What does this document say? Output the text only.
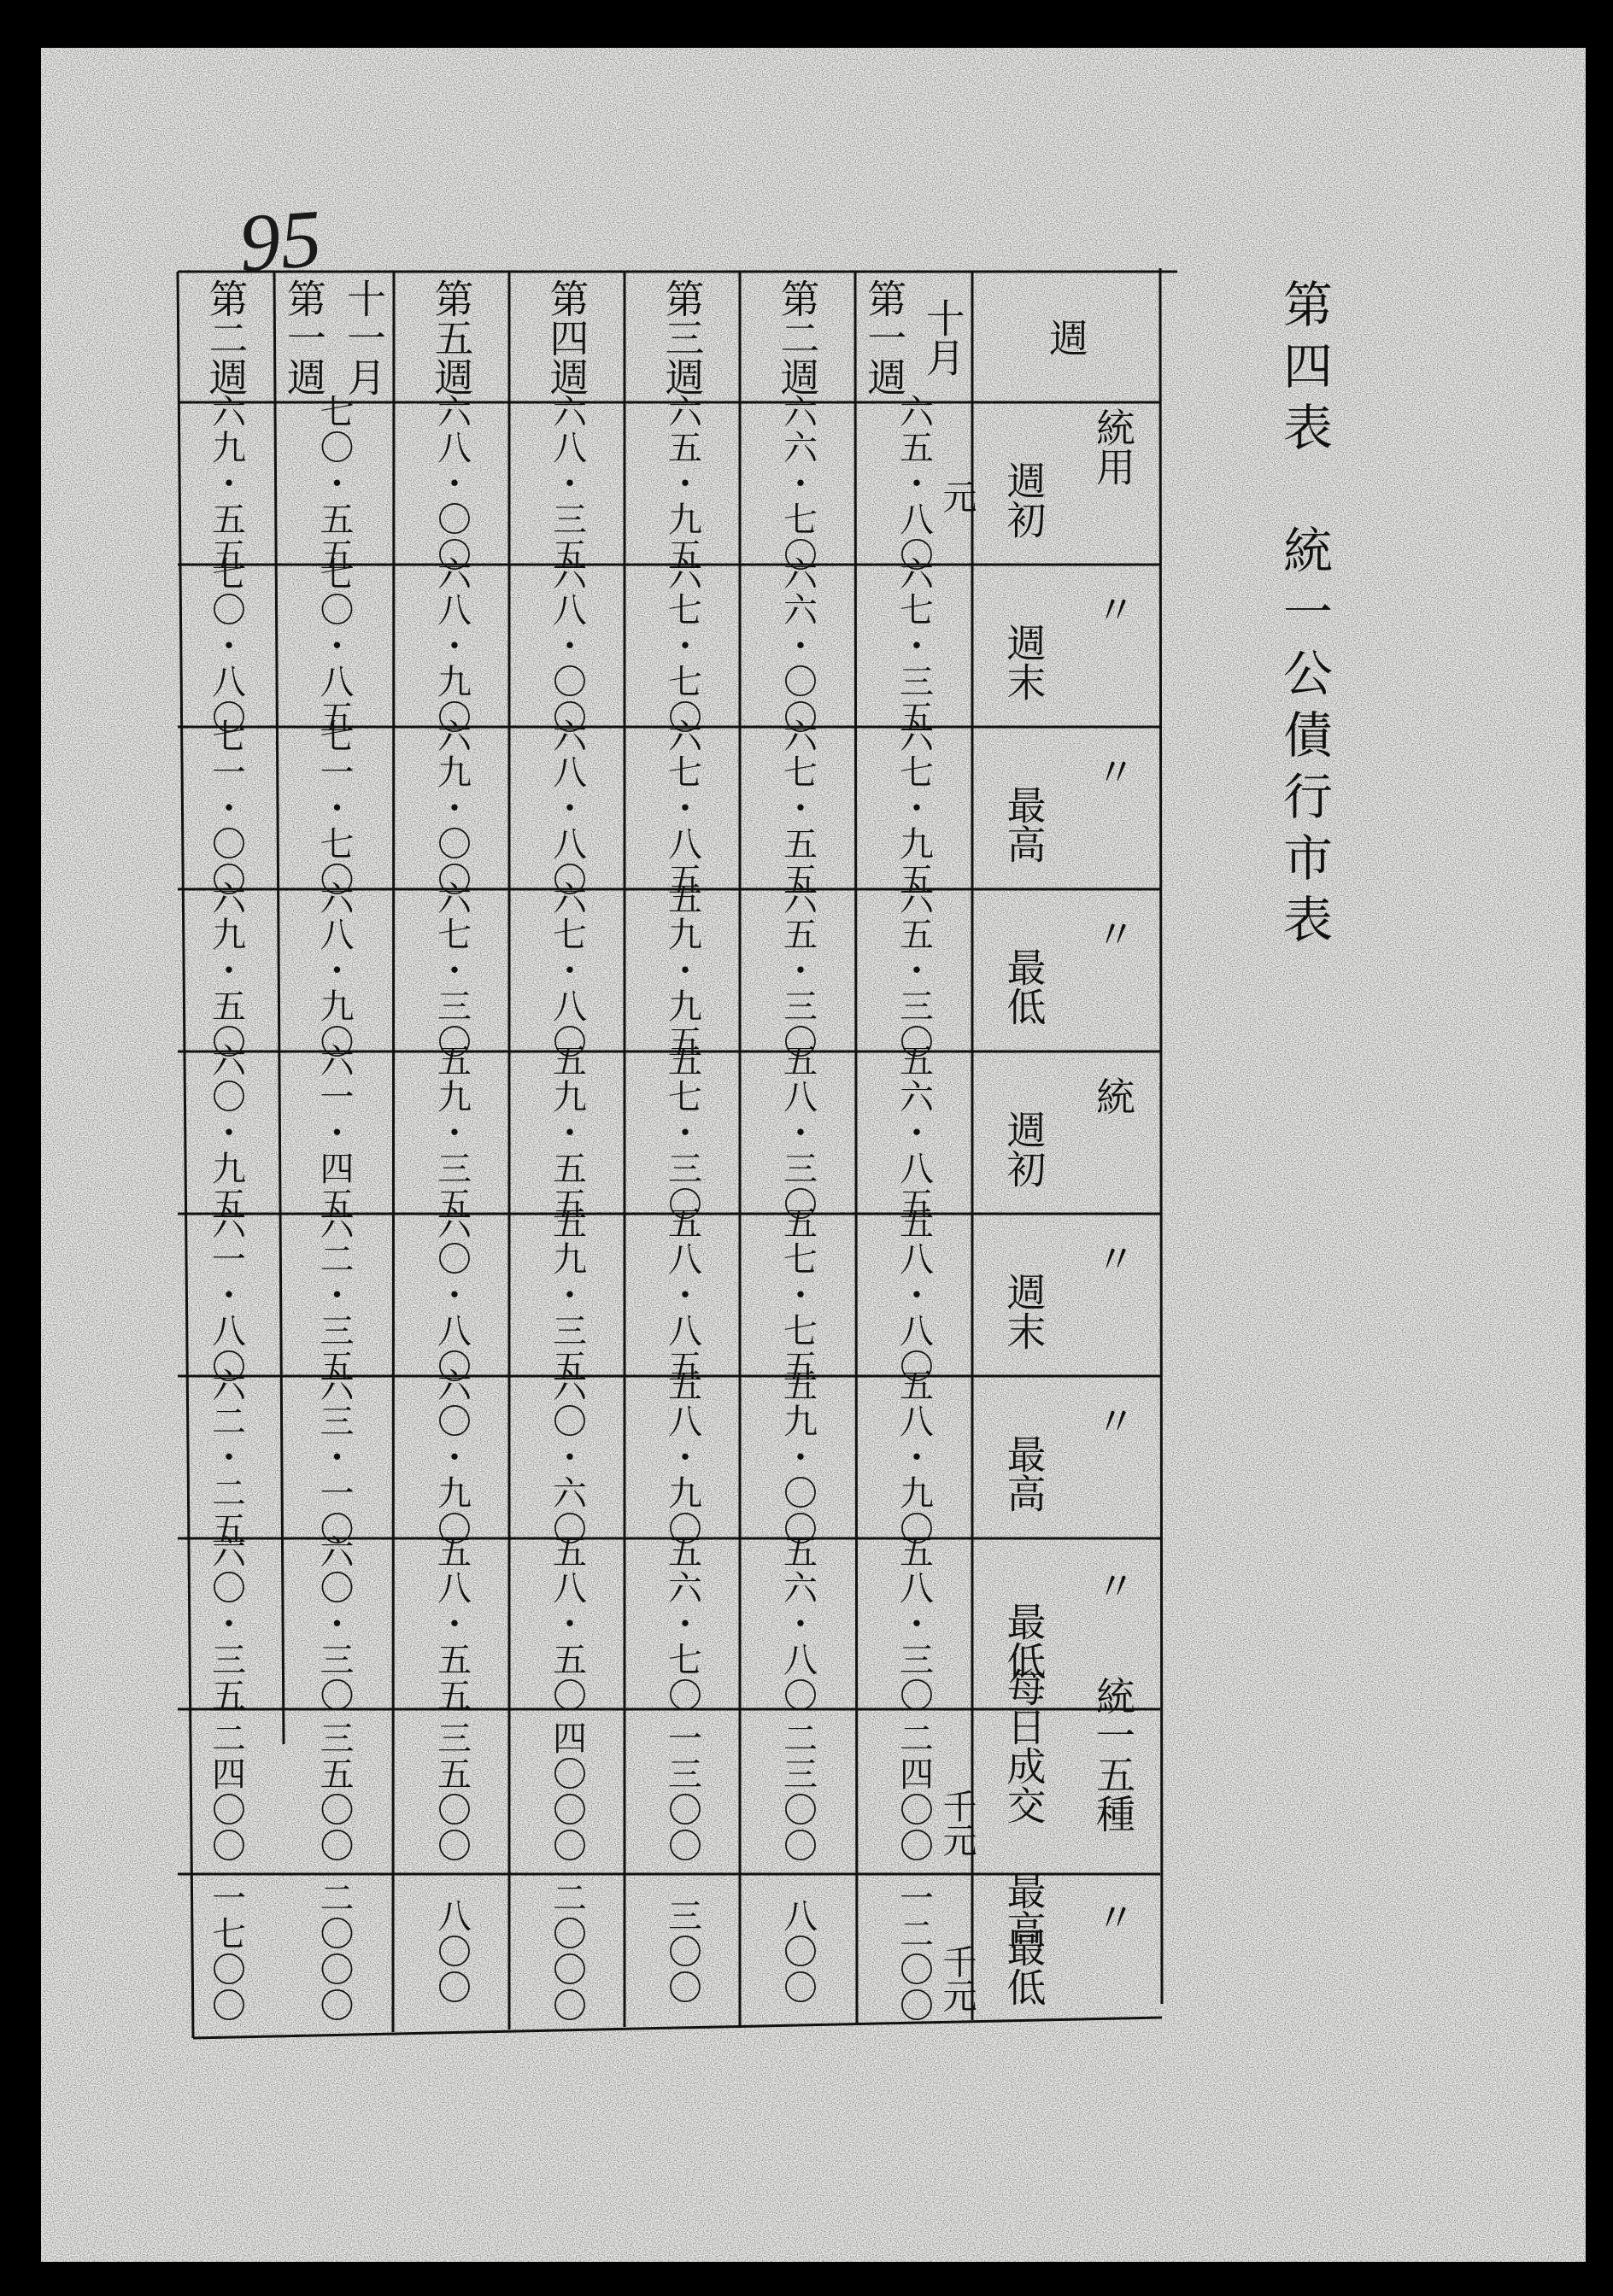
95
第四表　統一公債行市表
週
統用
週初
元
〃
週末
〃
最高
〃
最低
統
週初
〃
週末
〃
最高
〃
最低
統一五種
每日成交 最高
千元
〃
最低
千元
十月
第一週
六五・八〇
六七・三五
六七・九五
六五・三〇
五六・八五
五八・八〇
五八・九〇
五八・三〇
二四〇〇
一二〇〇
第二週
六六・七〇
六六・〇〇
六七・五五
六五・三〇
五八・三〇
五七・七五
五九・〇〇
五六・八〇
二三〇〇
八〇〇
第三週
六五・九五
六七・七〇
六七・八五
五九・九五
五七・三〇
五八・八五
五八・九〇
五六・七〇
一三〇〇
三〇〇
第四週
六八・三五
六八・〇〇
六八・八〇
六七・八〇
五九・五五
五九・三五
六〇・六〇
五八・五〇
四〇〇〇
二〇〇〇
第五週
六八・〇〇
六八・九〇
六九・〇〇
六七・三〇
五九・三五
六〇・八〇
六〇・九〇
五八・五五
三五〇〇
八〇〇
十一月
第一週
七〇・五五
七〇・八五
七一・七〇
六八・九〇
六一・四五
六二・三五
六三・一〇
六〇・三〇
三五〇〇
二〇〇〇
第二週
六九・五五
七〇・八〇
七一・〇〇
六九・五〇
六〇・九五
六一・八〇
六二・二五
六〇・三五
二四〇〇
一七〇〇
